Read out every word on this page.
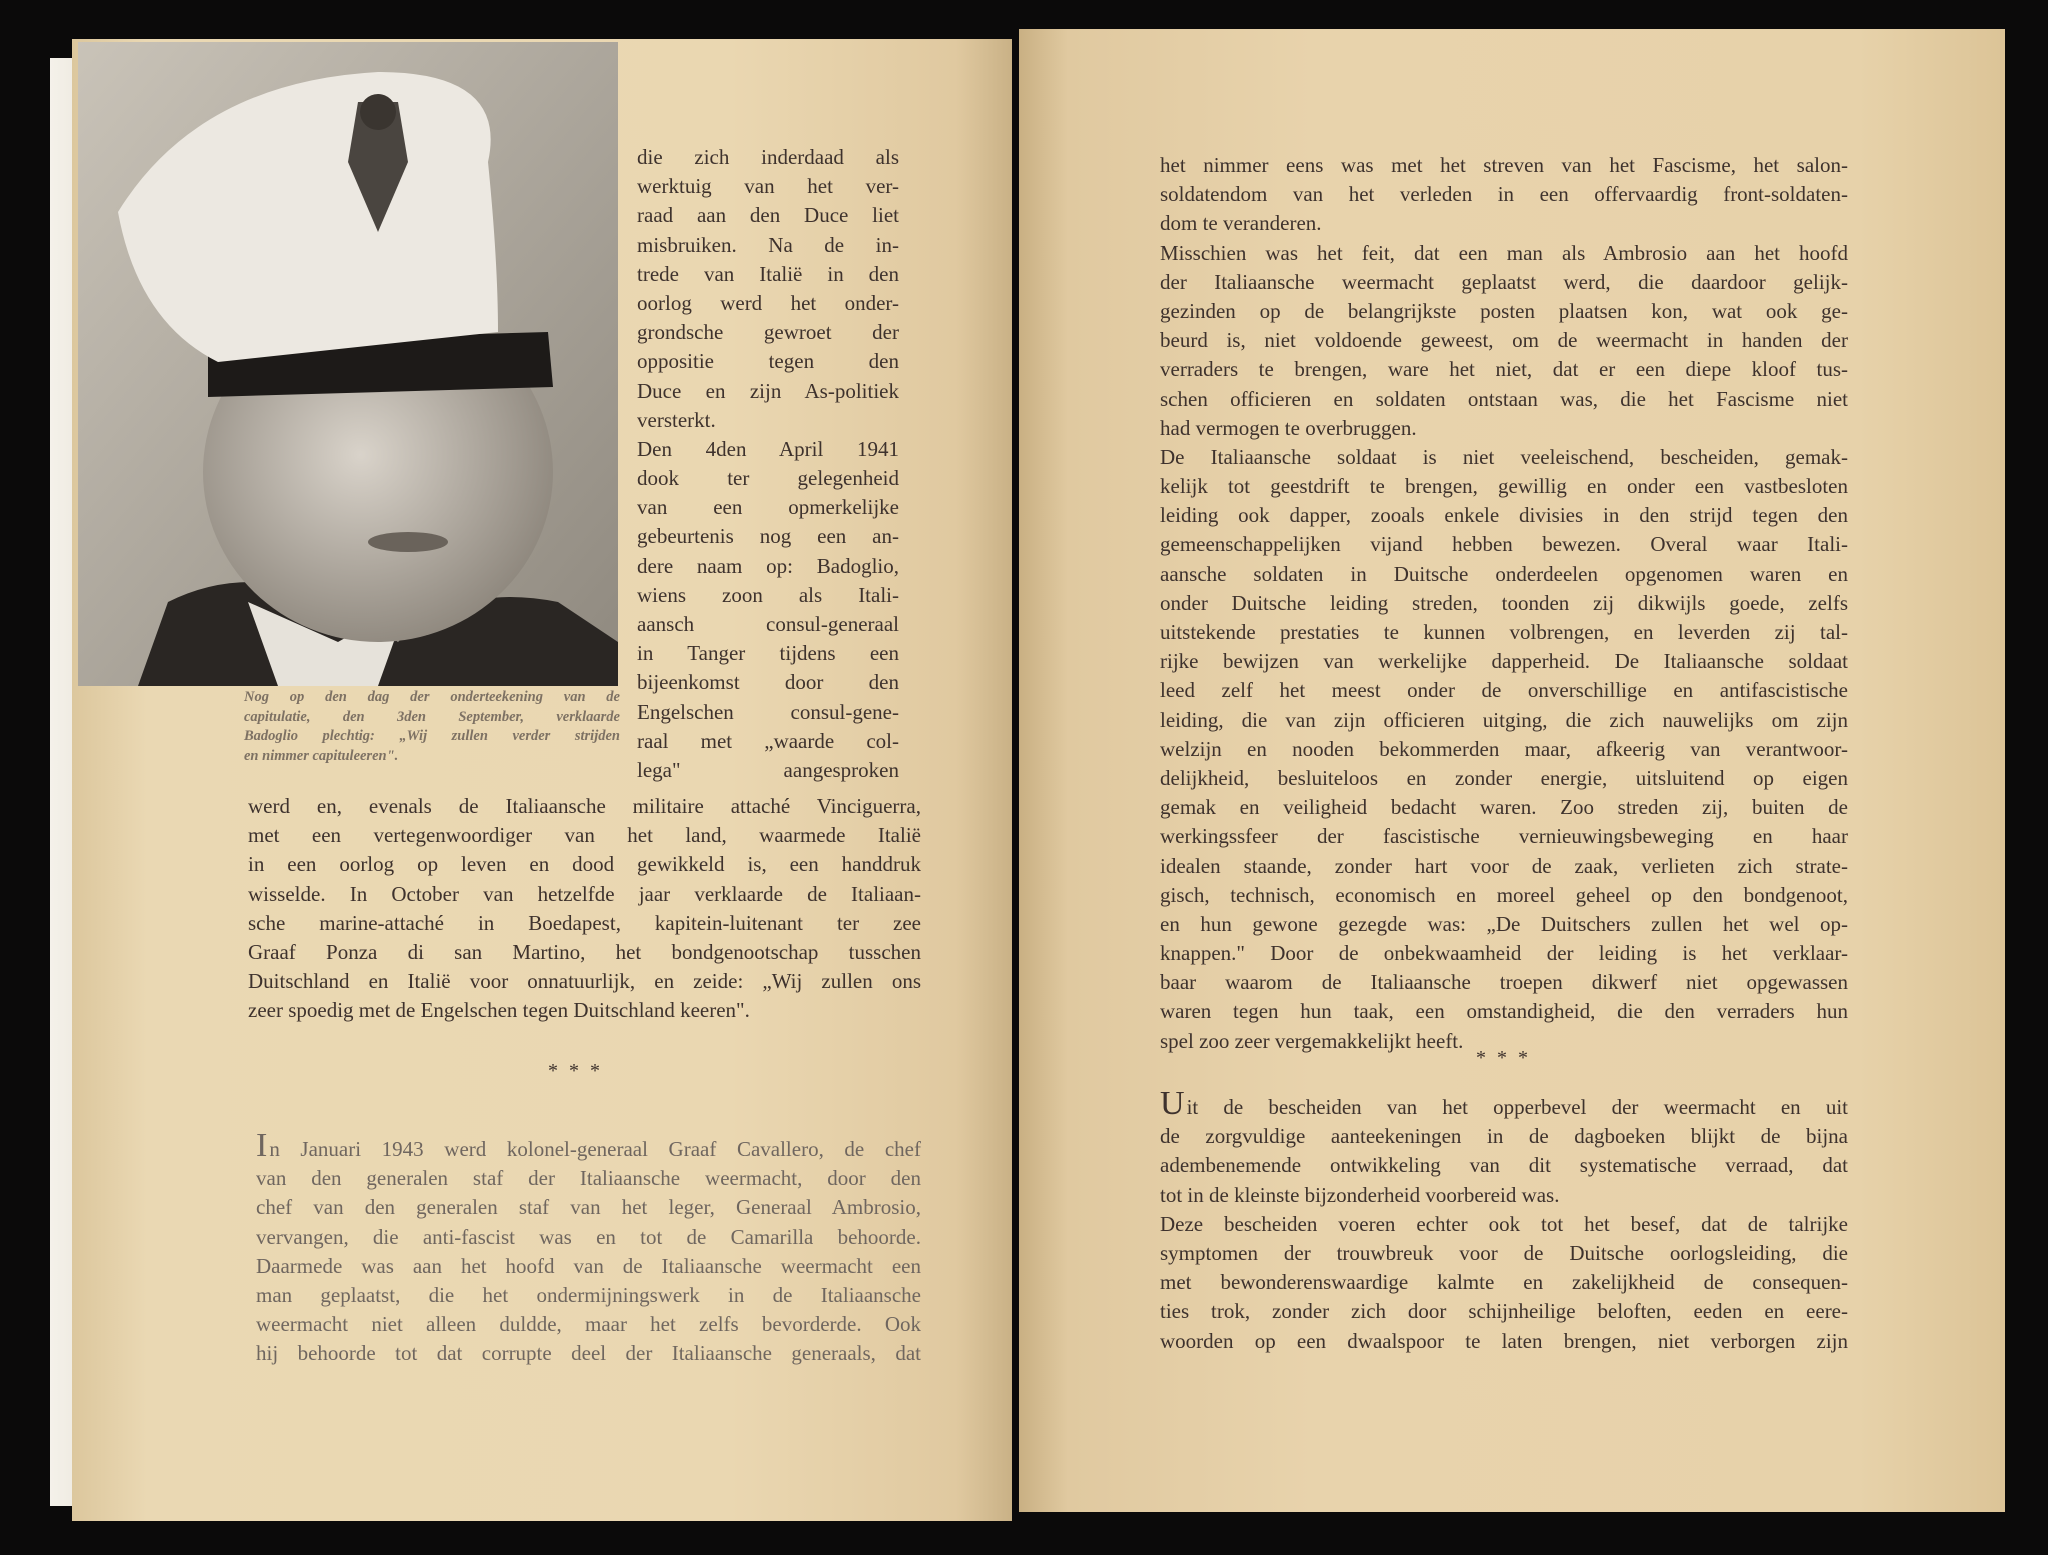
Nog op den dag der onderteekening van de
capitulatie, den 3den September, verklaarde
Badoglio plechtig: „Wij zullen verder strijden
en nimmer capituleeren".
die zich inderdaad als
werktuig van het ver-
raad aan den Duce liet
misbruiken. Na de in-
trede van Italië in den
oorlog werd het onder-
grondsche gewroet der
oppositie tegen den
Duce en zijn As-politiek
versterkt.
Den 4den April 1941
dook ter gelegenheid
van een opmerkelijke
gebeurtenis nog een an-
dere naam op: Badoglio,
wiens zoon als Itali-
aansch consul-generaal
in Tanger tijdens een
bijeenkomst door den
Engelschen consul-gene-
raal met „waarde col-
lega" aangesproken
werd en, evenals de Italiaansche militaire attaché Vinciguerra,
met een vertegenwoordiger van het land, waarmede Italië
in een oorlog op leven en dood gewikkeld is, een handdruk
wisselde. In October van hetzelfde jaar verklaarde de Italiaan-
sche marine-attaché in Boedapest, kapitein-luitenant ter zee
Graaf Ponza di san Martino, het bondgenootschap tusschen
Duitschland en Italië voor onnatuurlijk, en zeide: „Wij zullen ons
zeer spoedig met de Engelschen tegen Duitschland keeren".
* * *
In Januari 1943 werd kolonel-generaal Graaf Cavallero, de chef
van den generalen staf der Italiaansche weermacht, door den
chef van den generalen staf van het leger, Generaal Ambrosio,
vervangen, die anti-fascist was en tot de Camarilla behoorde.
Daarmede was aan het hoofd van de Italiaansche weermacht een
man geplaatst, die het ondermijningswerk in de Italiaansche
weermacht niet alleen duldde, maar het zelfs bevorderde. Ook
hij behoorde tot dat corrupte deel der Italiaansche generaals, dat
het nimmer eens was met het streven van het Fascisme, het salon-
soldatendom van het verleden in een offervaardig front-soldaten-
dom te veranderen.
Misschien was het feit, dat een man als Ambrosio aan het hoofd
der Italiaansche weermacht geplaatst werd, die daardoor gelijk-
gezinden op de belangrijkste posten plaatsen kon, wat ook ge-
beurd is, niet voldoende geweest, om de weermacht in handen der
verraders te brengen, ware het niet, dat er een diepe kloof tus-
schen officieren en soldaten ontstaan was, die het Fascisme niet
had vermogen te overbruggen.
De Italiaansche soldaat is niet veeleischend, bescheiden, gemak-
kelijk tot geestdrift te brengen, gewillig en onder een vastbesloten
leiding ook dapper, zooals enkele divisies in den strijd tegen den
gemeenschappelijken vijand hebben bewezen. Overal waar Itali-
aansche soldaten in Duitsche onderdeelen opgenomen waren en
onder Duitsche leiding streden, toonden zij dikwijls goede, zelfs
uitstekende prestaties te kunnen volbrengen, en leverden zij tal-
rijke bewijzen van werkelijke dapperheid. De Italiaansche soldaat
leed zelf het meest onder de onverschillige en antifascistische
leiding, die van zijn officieren uitging, die zich nauwelijks om zijn
welzijn en nooden bekommerden maar, afkeerig van verantwoor-
delijkheid, besluiteloos en zonder energie, uitsluitend op eigen
gemak en veiligheid bedacht waren. Zoo streden zij, buiten de
werkingssfeer der fascistische vernieuwingsbeweging en haar
idealen staande, zonder hart voor de zaak, verlieten zich strate-
gisch, technisch, economisch en moreel geheel op den bondgenoot,
en hun gewone gezegde was: „De Duitschers zullen het wel op-
knappen." Door de onbekwaamheid der leiding is het verklaar-
baar waarom de Italiaansche troepen dikwerf niet opgewassen
waren tegen hun taak, een omstandigheid, die den verraders hun
spel zoo zeer vergemakkelijkt heeft.
* * *
Uit de bescheiden van het opperbevel der weermacht en uit
de zorgvuldige aanteekeningen in de dagboeken blijkt de bijna
adembenemende ontwikkeling van dit systematische verraad, dat
tot in de kleinste bijzonderheid voorbereid was.
Deze bescheiden voeren echter ook tot het besef, dat de talrijke
symptomen der trouwbreuk voor de Duitsche oorlogsleiding, die
met bewonderenswaardige kalmte en zakelijkheid de consequen-
ties trok, zonder zich door schijnheilige beloften, eeden en eere-
woorden op een dwaalspoor te laten brengen, niet verborgen zijn
